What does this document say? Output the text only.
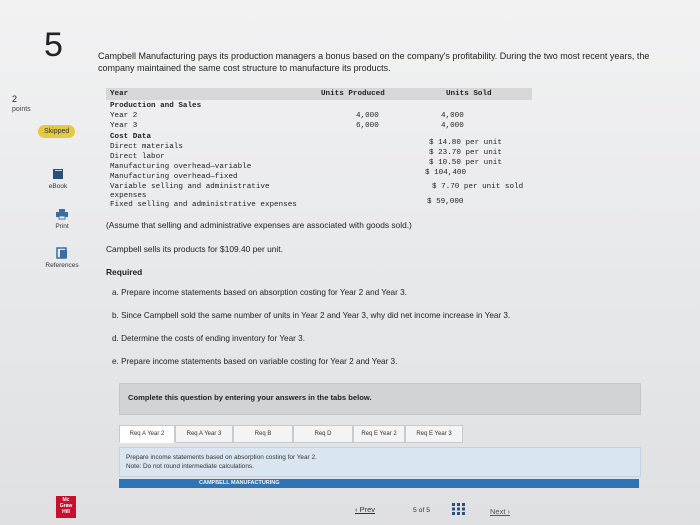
5
2
points
Skipped
eBook
Print
References
Campbell Manufacturing pays its production managers a bonus based on the company's profitability. During the two most recent years, the company maintained the same cost structure to manufacture its products.
Year	Units Produced	Units Sold
Production and Sales
Year 2	4,000	4,000
Year 3	6,000	4,000
Cost Data
Direct materials	$ 14.80 per unit
Direct labor	$ 23.70 per unit
Manufacturing overhead—variable	$ 10.50 per unit
Manufacturing overhead—fixed	$ 104,400
Variable selling and administrative	$ 7.70 per unit sold
expenses
Fixed selling and administrative expenses	$ 59,000
(Assume that selling and administrative expenses are associated with goods sold.)
Campbell sells its products for $109.40 per unit.
Required
a. Prepare income statements based on absorption costing for Year 2 and Year 3.
b. Since Campbell sold the same number of units in Year 2 and Year 3, why did net income increase in Year 3.
d. Determine the costs of ending inventory for Year 3.
e. Prepare income statements based on variable costing for Year 2 and Year 3.
Complete this question by entering your answers in the tabs below.
Req A Year 2	Req A Year 3	Req B	Req D	Req E Year 2	Req E Year 3
Prepare income statements based on absorption costing for Year 2.
Note: Do not round intermediate calculations.
CAMPBELL MANUFACTURING
Mc Graw Hill	‹ Prev	5 of 5	Next ›
